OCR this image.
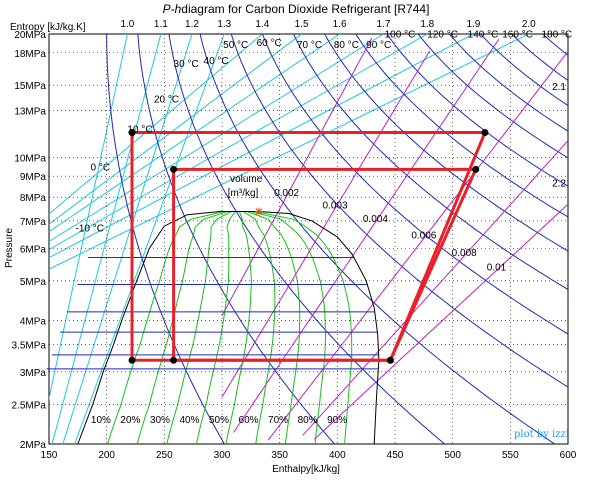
P-hdiagram for Carbon Dioxide Refrigerant [R744]
Entropy [kJ/kg.K]
150	200	250	300	350	400	450	500	550	600
2MPa
2.5MPa
3MPa
3.5MPa
4MPa
5MPa
6MPa
7MPa
8MPa
9MPa
10MPa
13MPa
15MPa
18MPa
20MPa
1.0 1.1 1.2 1.3 1.4	1.5 1.6	1.7	1.8	1.9	2.0
2.1
2.2
-10 °C
0 °C
10 °C
20 °C
30 °C 40 °C
50 °C 60 °C 70 °C 80 °C 90 °C
100 °C 120 °C 140 °C 160 °C 180 °C
volume
[m³/kg] 0.002
0.003
0.004
0.006
0.008
0.01
10% 20% 30% 40% 50% 60% 70% 80% 90%
Enthalpy[kJ/kg]
Pressure
plot by izzi
